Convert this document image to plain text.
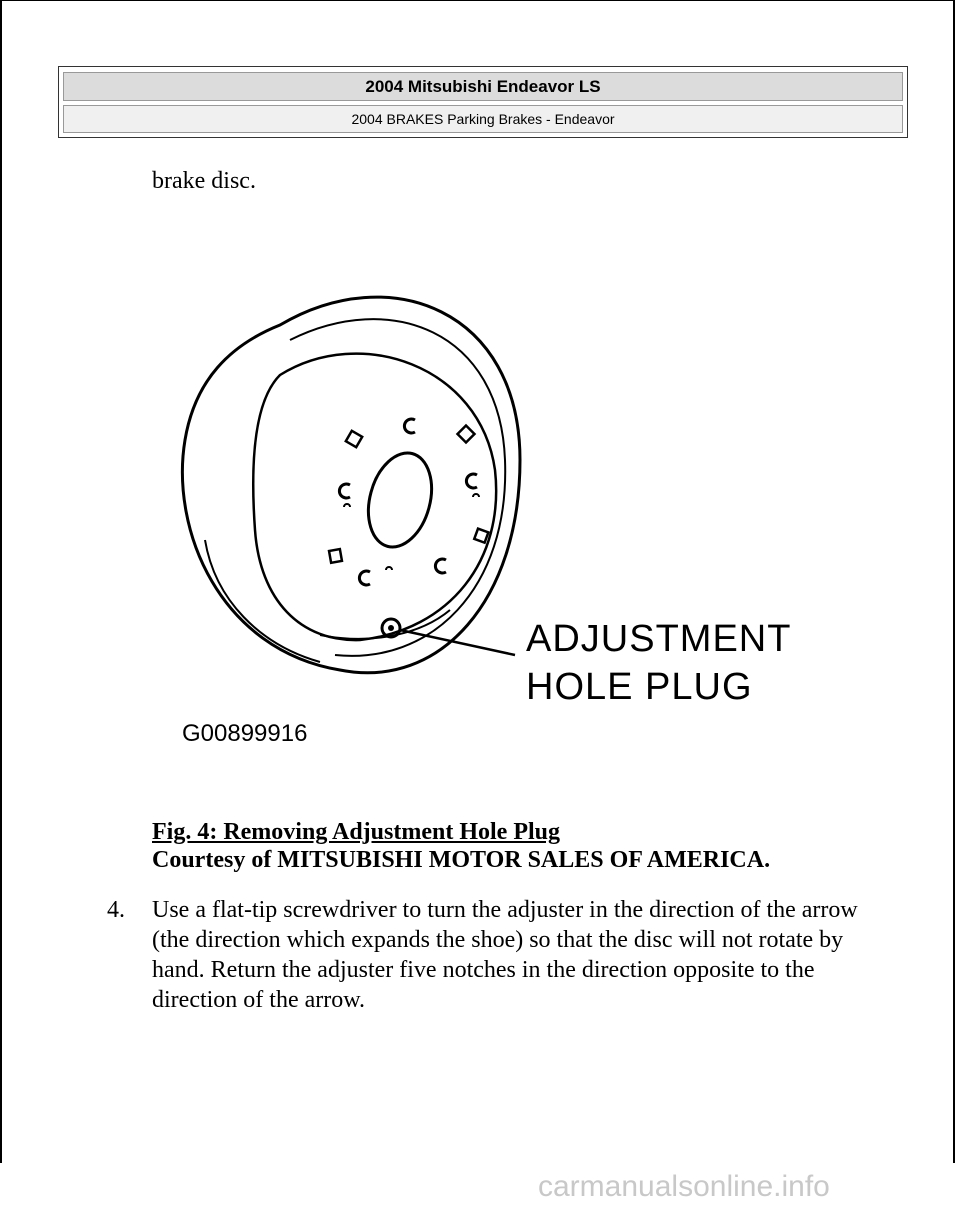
2004 Mitsubishi Endeavor LS
2004 BRAKES Parking Brakes - Endeavor
brake disc.
ADJUSTMENT
HOLE PLUG
G00899916
Fig. 4: Removing Adjustment Hole Plug
Courtesy of MITSUBISHI MOTOR SALES OF AMERICA.
4. Use a flat-tip screwdriver to turn the adjuster in the direction of the arrow (the direction which expands the shoe) so that the disc will not rotate by hand. Return the adjuster five notches in the direction opposite to the direction of the arrow.
carmanualsonline.info
